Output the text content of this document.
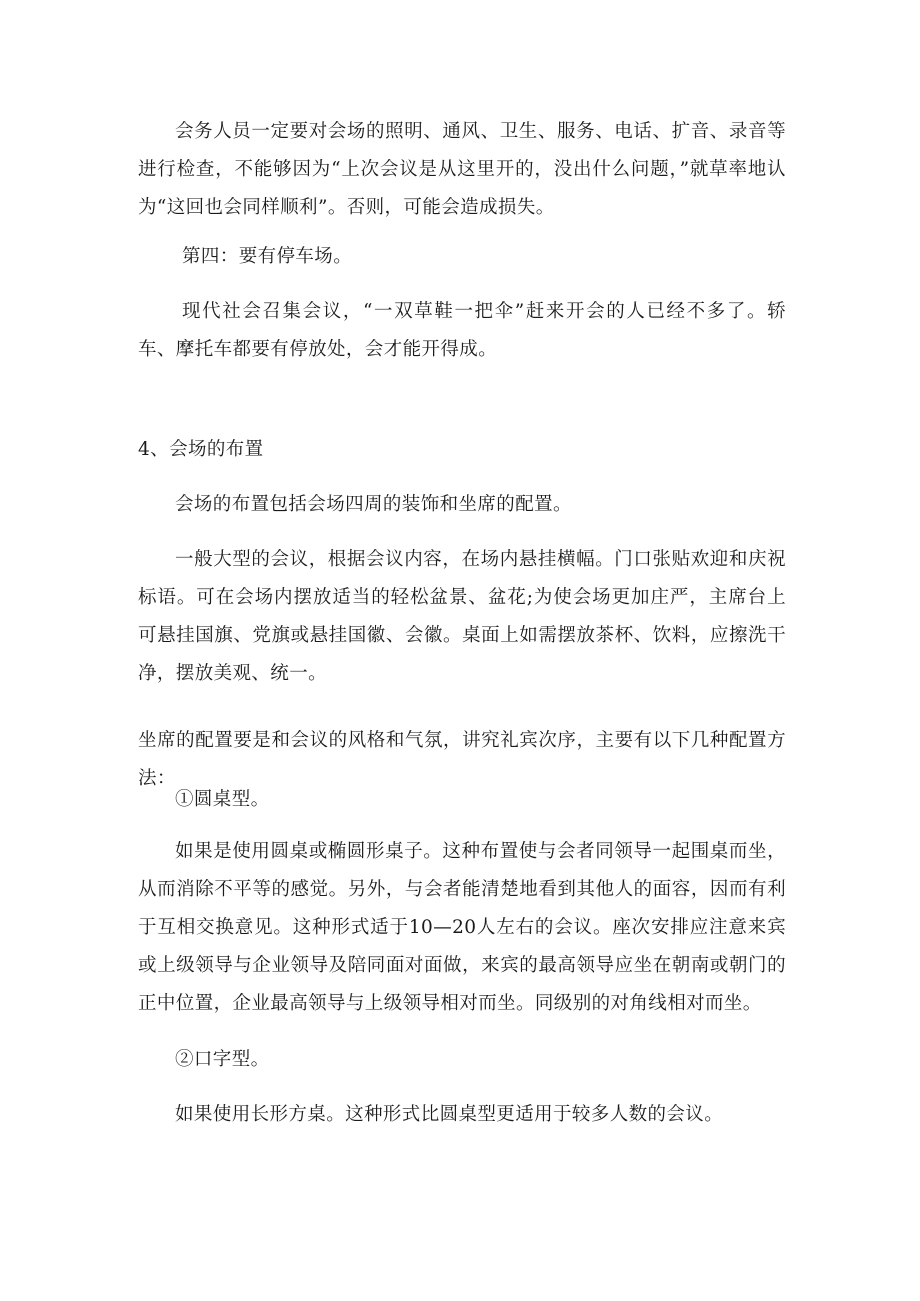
会务人员一定要对会场的照明、通风、卫生、服务、电话、扩音、录音等进行检查，不能够因为“上次会议是从这里开的，没出什么问题，”就草率地认为“这回也会同样顺利”。否则，可能会造成损失。

第四：要有停车场。

现代社会召集会议，“一双草鞋一把伞”赶来开会的人已经不多了。轿车、摩托车都要有停放处，会才能开得成。

4、会场的布置

会场的布置包括会场四周的装饰和坐席的配置。

一般大型的会议，根据会议内容，在场内悬挂横幅。门口张贴欢迎和庆祝标语。可在会场内摆放适当的轻松盆景、盆花;为使会场更加庄严，主席台上可悬挂国旗、党旗或悬挂国徽、会徽。桌面上如需摆放茶杯、饮料，应擦洗干净，摆放美观、统一。

坐席的配置要是和会议的风格和气氛，讲究礼宾次序，主要有以下几种配置方法：

①圆桌型。

如果是使用圆桌或椭圆形桌子。这种布置使与会者同领导一起围桌而坐，从而消除不平等的感觉。另外，与会者能清楚地看到其他人的面容，因而有利于互相交换意见。这种形式适于10—20人左右的会议。座次安排应注意来宾或上级领导与企业领导及陪同面对面做，来宾的最高领导应坐在朝南或朝门的正中位置，企业最高领导与上级领导相对而坐。同级别的对角线相对而坐。

②口字型。

如果使用长形方桌。这种形式比圆桌型更适用于较多人数的会议。
